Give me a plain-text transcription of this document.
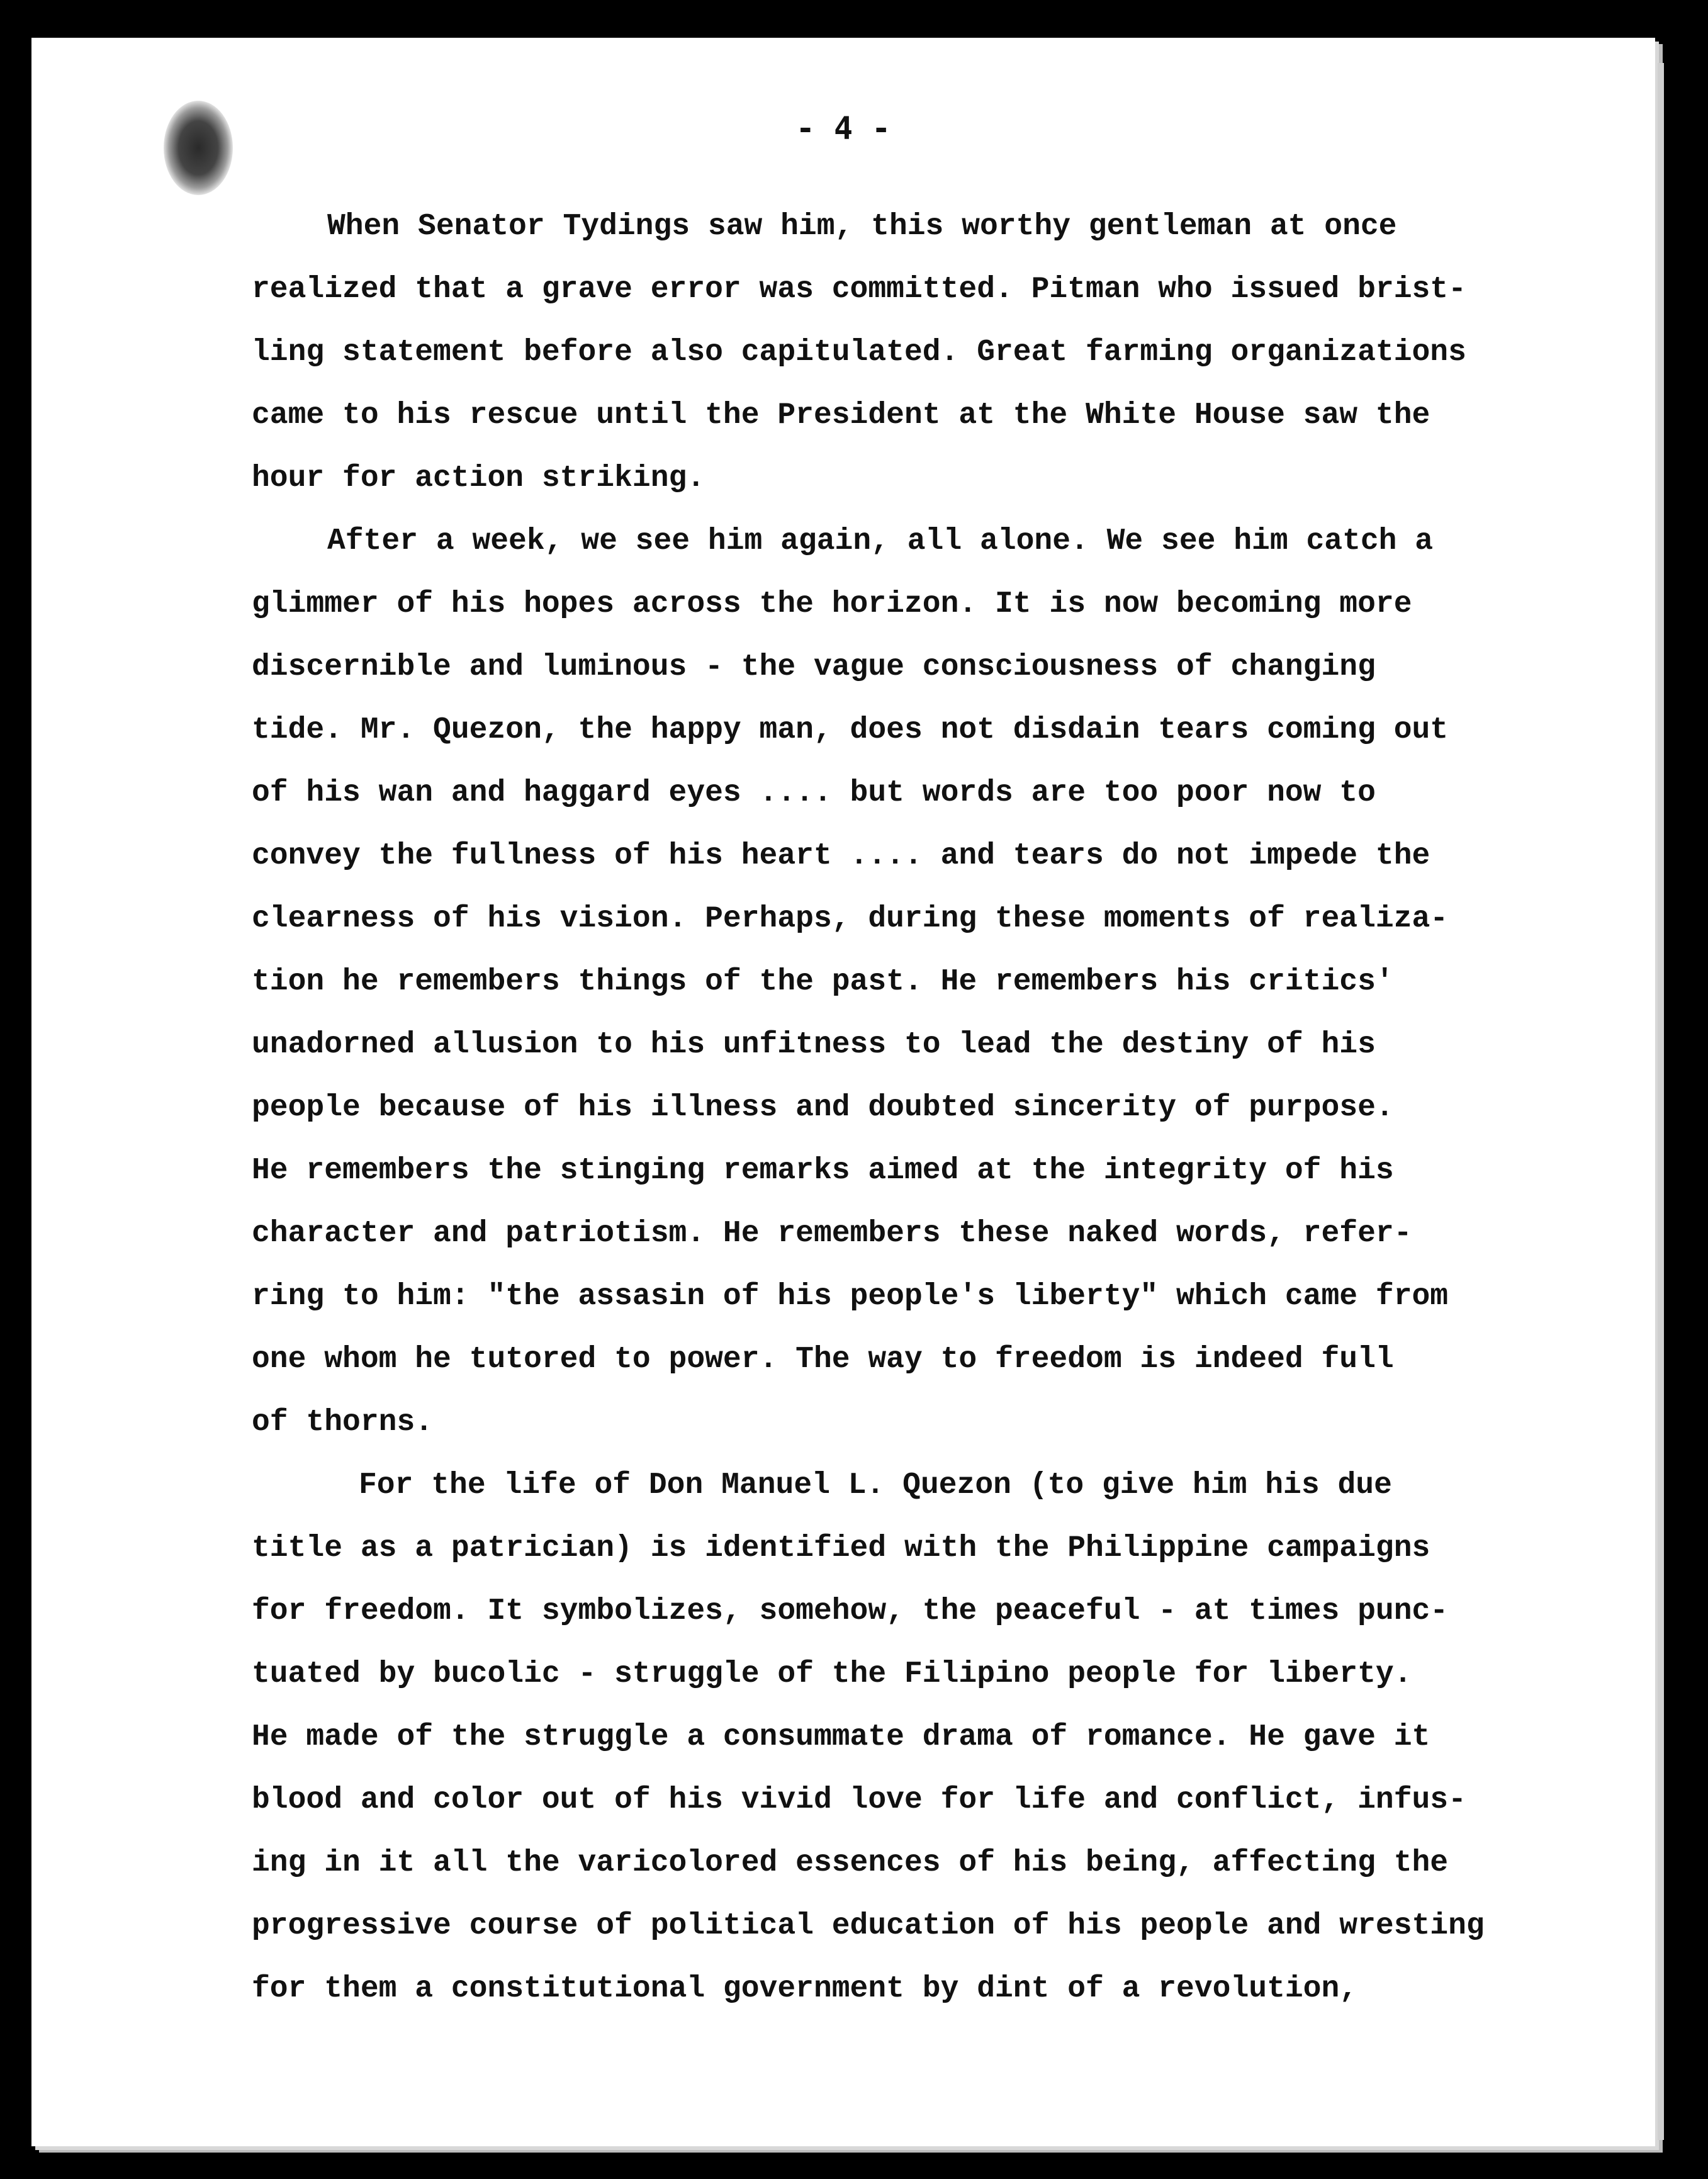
- 4 -
When Senator Tydings saw him, this worthy gentleman at once
realized that a grave error was committed. Pitman who issued brist-
ling statement before also capitulated. Great farming organizations
came to his rescue until the President at the White House saw the
hour for action striking.
After a week, we see him again, all alone. We see him catch a
glimmer of his hopes across the horizon. It is now becoming more
discernible and luminous - the vague consciousness of changing
tide. Mr. Quezon, the happy man, does not disdain tears coming out
of his wan and haggard eyes .... but words are too poor now to
convey the fullness of his heart .... and tears do not impede the
clearness of his vision. Perhaps, during these moments of realiza-
tion he remembers things of the past. He remembers his critics'
unadorned allusion to his unfitness to lead the destiny of his
people because of his illness and doubted sincerity of purpose.
He remembers the stinging remarks aimed at the integrity of his
character and patriotism. He remembers these naked words, refer-
ring to him: "the assasin of his people's liberty" which came from
one whom he tutored to power. The way to freedom is indeed full
of thorns.
For the life of Don Manuel L. Quezon (to give him his due
title as a patrician) is identified with the Philippine campaigns
for freedom. It symbolizes, somehow, the peaceful - at times punc-
tuated by bucolic - struggle of the Filipino people for liberty.
He made of the struggle a consummate drama of romance. He gave it
blood and color out of his vivid love for life and conflict, infus-
ing in it all the varicolored essences of his being, affecting the
progressive course of political education of his people and wresting
for them a constitutional government by dint of a revolution,
